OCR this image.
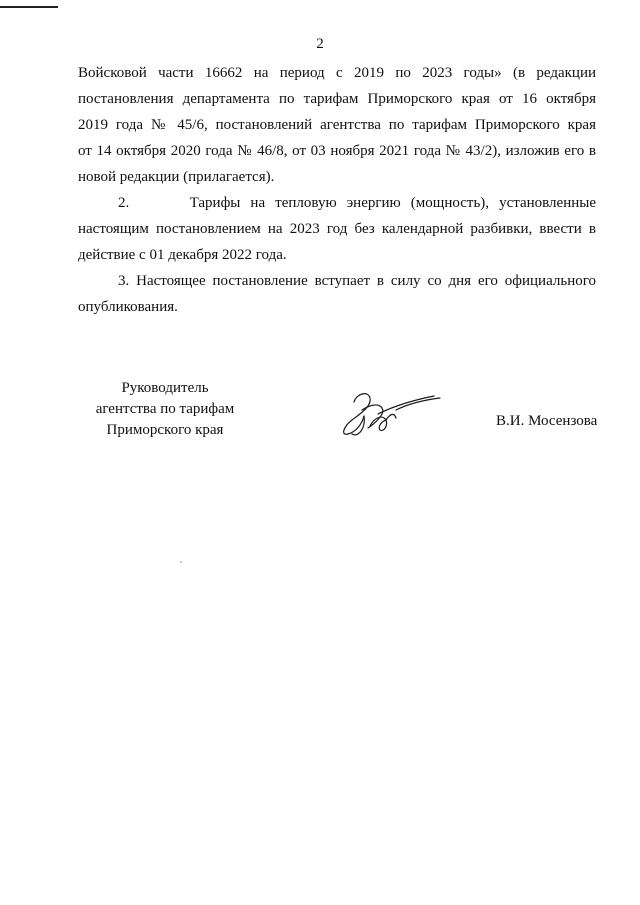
2

Войсковой части 16662 на период с 2019 по 2023 годы» (в редакции

постановления департамента по тарифам Приморского края от 16 октября

2019 года № 45/6, постановлений агентства по тарифам Приморского края

от 14 октября 2020 года № 46/8, от 03 ноября 2021 года № 43/2), изложив его в

новой редакции (прилагается).

2.      Тарифы на тепловую энергию (мощность), установленные настоящим постановлением на 2023 год без календарной разбивки, ввести в действие с 01 декабря 2022 года.

3. Настоящее постановление вступает в силу со дня его официального опубликования.

Руководитель
агентства по тарифам
Приморского края
В.И. Мосензова
